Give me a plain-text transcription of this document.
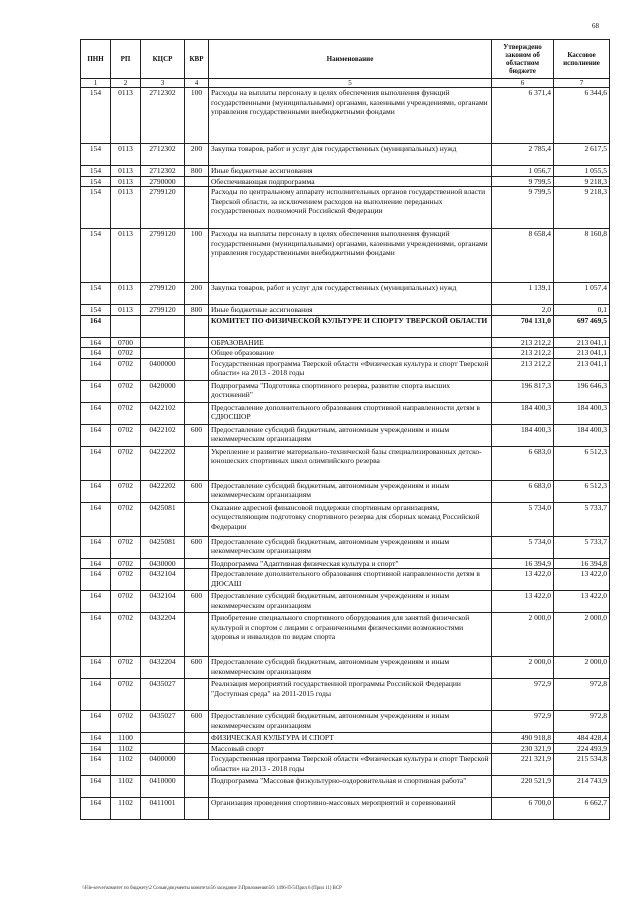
68
ПНН	РП	КЦСР	КВР	Наименование	Утверждено законом об областном бюджете	Кассовое исполнение
1	2	3	4	5	6	7
154	0113	2712302	100	Расходы на выплаты персоналу в целях обеспечения выполнения функций государственными (муниципальными) органами, казенными учреждениями, органами управления государственными внебюджетными фондами	6 371,4	6 344,6
154	0113	2712302	200	Закупка товаров, работ и услуг для государственных (муниципальных) нужд	2 785,4	2 617,5
154	0113	2712302	800	Иные бюджетные ассигнования	1 056,7	1 055,5
154	0113	2790000		Обеспечивающая подпрограмма	9 799,5	9 218,3
154	0113	2799120		Расходы по центральному аппарату исполнительных органов государственной власти Тверской области, за исключением расходов на выполнение переданных государственных полномочий Российской Федерации	9 799,5	9 218,3
154	0113	2799120	100	Расходы на выплаты персоналу в целях обеспечения выполнения функций государственными (муниципальными) органами, казенными учреждениями, органами управления государственными внебюджетными фондами	8 658,4	8 160,8
154	0113	2799120	200	Закупка товаров, работ и услуг для государственных (муниципальных) нужд	1 139,1	1 057,4
154	0113	2799120	800	Иные бюджетные ассигнования	2,0	0,1
164				КОМИТЕТ ПО ФИЗИЧЕСКОЙ КУЛЬТУРЕ И СПОРТУ ТВЕРСКОЙ ОБЛАСТИ	704 131,0	697 469,5
164	0700			ОБРАЗОВАНИЕ	213 212,2	213 041,1
164	0702			Общее образование	213 212,2	213 041,1
164	0702	0400000		Государственная программа Тверской области «Физическая культура и спорт Тверской области» на 2013 - 2018 годы	213 212,2	213 041,1
164	0702	0420000		Подпрограмма "Подготовка спортивного резерва, развитие спорта высших достижений"	196 817,3	196 646,3
164	0702	0422102		Предоставление дополнительного образования спортивной направленности детям в СДЮСШОР	184 400,3	184 400,3
164	0702	0422102	600	Предоставление субсидий бюджетным, автономным учреждениям и иным некоммерческим организациям	184 400,3	184 400,3
164	0702	0422202		Укрепление и развитие материально-технической базы специализированных детско-юношеских спортивных школ олимпийского резерва	6 683,0	6 512,3
164	0702	0422202	600	Предоставление субсидий бюджетным, автономным учреждениям и иным некоммерческим организациям	6 683,0	6 512,3
164	0702	0425081		Оказание адресной финансовой поддержки спортивным организациям, осуществляющим подготовку спортивного резерва для сборных команд Российской Федерации	5 734,0	5 733,7
164	0702	0425081	600	Предоставление субсидий бюджетным, автономным учреждениям и иным некоммерческим организациям	5 734,0	5 733,7
164	0702	0430000		Подпрограмма "Адаптивная физическая культура и спорт"	16 394,9	16 394,8
164	0702	0432104		Предоставление дополнительного образования спортивной направленности детям в ДЮСАШ	13 422,0	13 422,0
164	0702	0432104	600	Предоставление субсидий бюджетным, автономным учреждениям и иным некоммерческим организациям	13 422,0	13 422,0
164	0702	0432204		Приобретение специального спортивного оборудования для занятий физической культурой и спортом с лицами с ограниченными физическими возможностями здоровья и инвалидов по видам спорта	2 000,0	2 000,0
164	0702	0432204	600	Предоставление субсидий бюджетным, автономным учреждениям и иным некоммерческим организациям	2 000,0	2 000,0
164	0702	0435027		Реализация мероприятий государственной программы Российской Федерации "Доступная среда" на 2011-2015 годы	972,9	972,8
164	0702	0435027	600	Предоставление субсидий бюджетным, автономным учреждениям и иным некоммерческим организациям	972,9	972,8
164	1100			ФИЗИЧЕСКАЯ КУЛЬТУРА И СПОРТ	490 918,8	484 428,4
164	1102			Массовый спорт	230 321,9	224 493,9
164	1102	0400000		Государственная программа Тверской области «Физическая культура и спорт Тверской области» на 2013 - 2018 годы	221 321,9	215 534,8
164	1102	0410000		Подпрограмма "Массовая физкультурно-оздоровительная и спортивная работа"	220 521,9	214 743,9
164	1102	0411001		Организация проведения спортивно-массовых мероприятий и соревнований	6 700,0	6 662,7
\\File-server\комитет по бюджету\2 Созыв\документы комитета\56 заседание 3\Приложения\56\ 1496-П-5\Прил 6 (Прил 11) ВСР
